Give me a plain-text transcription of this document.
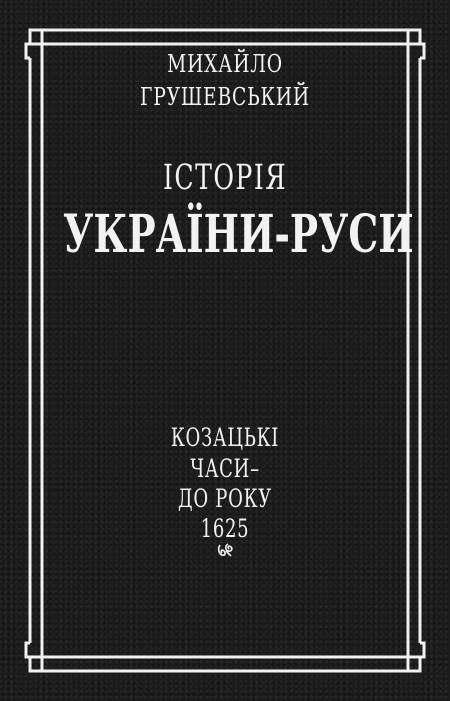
МИХАЙЛО
ГРУШЕВСЬКИЙ
ІСТОРІЯ
УКРАЇНИ-РУСИ
КОЗАЦЬКІ
ЧАСИ–
ДО РОКУ
1625
